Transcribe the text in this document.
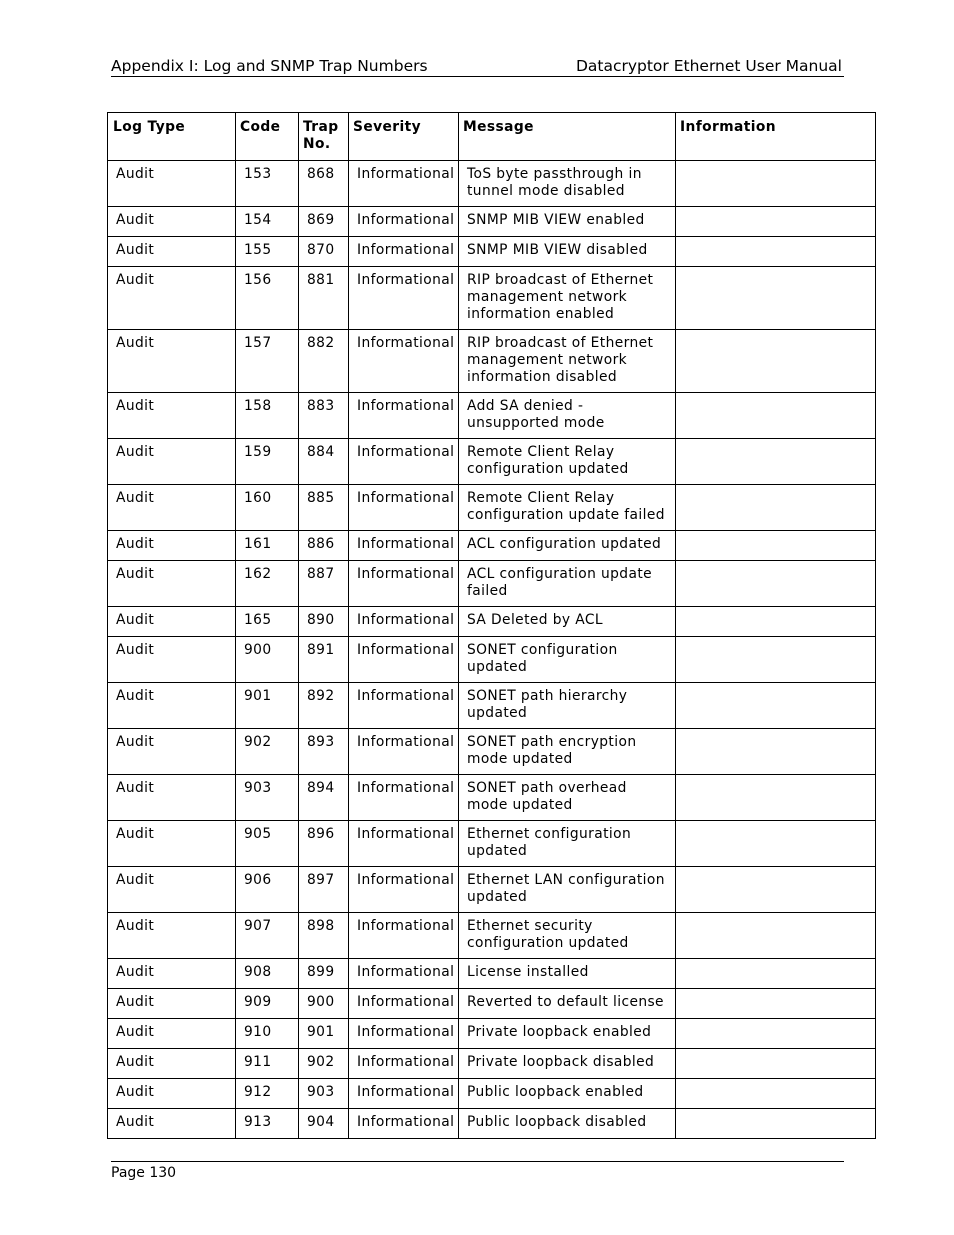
Appendix I: Log and SNMP Trap Numbers	Datacryptor Ethernet User Manual
Log Type	Code	Trap No.	Severity	Message	Information
Audit	153	868	Informational	ToS byte passthrough in tunnel mode disabled	
Audit	154	869	Informational	SNMP MIB VIEW enabled	
Audit	155	870	Informational	SNMP MIB VIEW disabled	
Audit	156	881	Informational	RIP broadcast of Ethernet management network information enabled	
Audit	157	882	Informational	RIP broadcast of Ethernet management network information disabled	
Audit	158	883	Informational	Add SA denied - unsupported mode	
Audit	159	884	Informational	Remote Client Relay configuration updated	
Audit	160	885	Informational	Remote Client Relay configuration update failed	
Audit	161	886	Informational	ACL configuration updated	
Audit	162	887	Informational	ACL configuration update failed	
Audit	165	890	Informational	SA Deleted by ACL	
Audit	900	891	Informational	SONET configuration updated	
Audit	901	892	Informational	SONET path hierarchy updated	
Audit	902	893	Informational	SONET path encryption mode updated	
Audit	903	894	Informational	SONET path overhead mode updated	
Audit	905	896	Informational	Ethernet configuration updated	
Audit	906	897	Informational	Ethernet LAN configuration updated	
Audit	907	898	Informational	Ethernet security configuration updated	
Audit	908	899	Informational	License installed	
Audit	909	900	Informational	Reverted to default license	
Audit	910	901	Informational	Private loopback enabled	
Audit	911	902	Informational	Private loopback disabled	
Audit	912	903	Informational	Public loopback enabled	
Audit	913	904	Informational	Public loopback disabled	
Page 130
